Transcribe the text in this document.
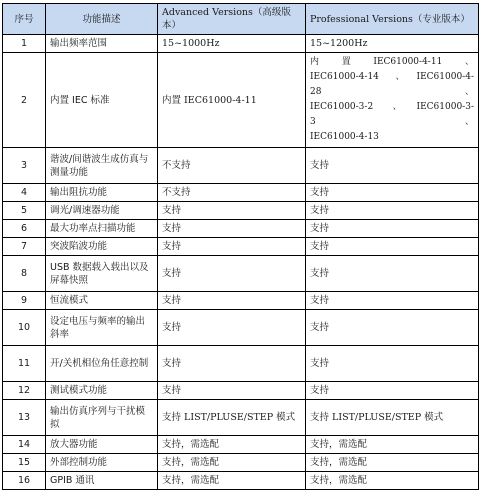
序号	功能描述	Advanced Versions（高级版本）	Professional Versions（专业版本）
1	输出频率范围	15~1000Hz	15~1200Hz
2	内置 IEC 标准	内置 IEC61000-4-11	内　　置　　IEC61000-4-11　　、
IEC61000-4-14　、　IEC61000-4-28　、
IEC61000-3-2　、　IEC61000-3-3　、
IEC61000-4-13

3	谐波/间谐波生成仿真与测量功能	不支持	支持
4	输出阻抗功能	不支持	支持
5	调光/调速器功能	支持	支持
6	最大功率点扫描功能	支持	支持
7	突波陷波功能	支持	支持
8	USB 数据载入载出以及屏幕快照	支持	支持
9	恒流模式	支持	支持
10	设定电压与频率的输出斜率	支持	支持
11	开/关机相位角任意控制	支持	支持
12	测试模式功能	支持	支持
13	输出仿真序列与干扰模拟	支持 LIST/PLUSE/STEP 模式	支持 LIST/PLUSE/STEP 模式
14	放大器功能	支持，需选配	支持，需选配
15	外部控制功能	支持，需选配	支持，需选配
16	GPIB 通讯	支持，需选配	支持，需选配
